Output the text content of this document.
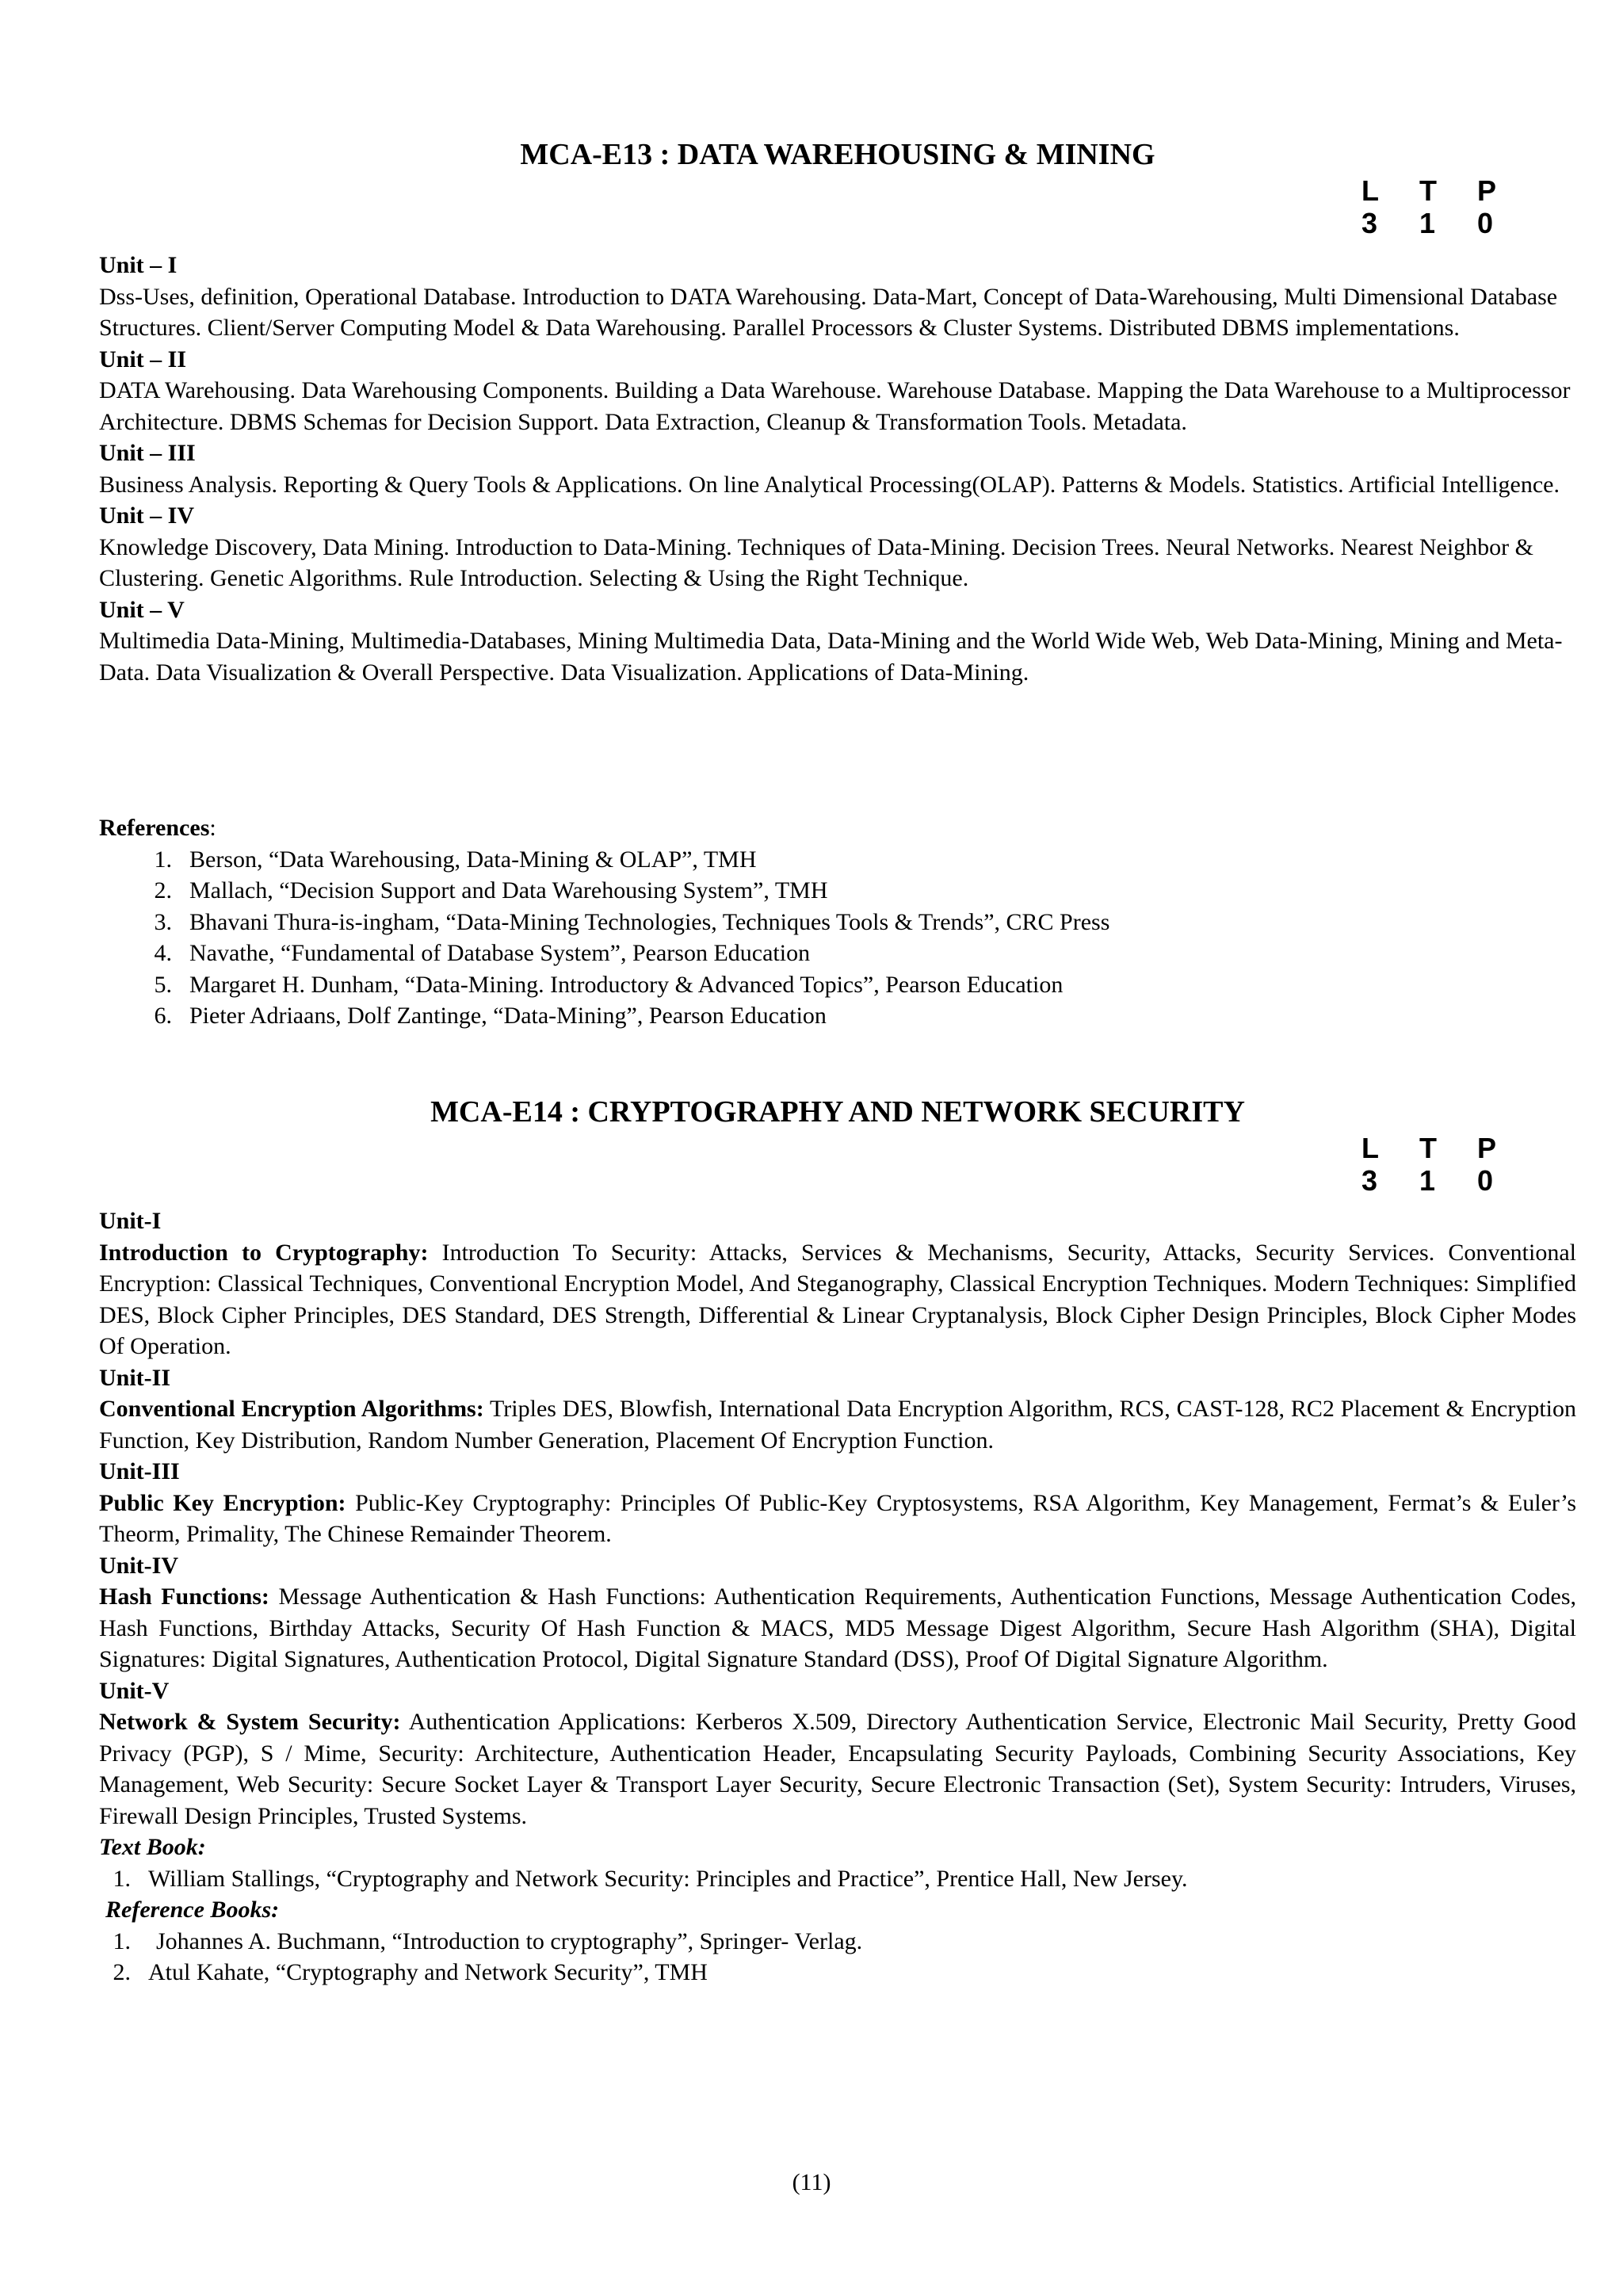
MCA-E13 : DATA WAREHOUSING & MINING
L	T	P
3	1	0
Unit – I

Dss-Uses, definition, Operational Database. Introduction to DATA Warehousing. Data-Mart, Concept of Data-Warehousing, Multi Dimensional Database Structures. Client/Server Computing Model & Data Warehousing. Parallel Processors & Cluster Systems. Distributed DBMS implementations.

Unit – II

DATA Warehousing. Data Warehousing Components. Building a Data Warehouse. Warehouse Database. Mapping the Data Warehouse to a Multiprocessor Architecture. DBMS Schemas for Decision Support. Data Extraction, Cleanup & Transformation Tools. Metadata.

Unit – III

Business Analysis. Reporting & Query Tools & Applications. On line Analytical Processing(OLAP). Patterns & Models. Statistics. Artificial Intelligence.

Unit – IV

Knowledge Discovery, Data Mining. Introduction to Data-Mining. Techniques of Data-Mining. Decision Trees. Neural Networks. Nearest Neighbor & Clustering. Genetic Algorithms. Rule Introduction. Selecting & Using the Right Technique.

Unit – V

Multimedia Data-Mining, Multimedia-Databases, Mining Multimedia Data, Data-Mining and the World Wide Web, Web Data-Mining, Mining and Meta-Data. Data Visualization & Overall Perspective. Data Visualization. Applications of Data-Mining.

References:
1. Berson, “Data Warehousing, Data-Mining & OLAP”, TMH
2. Mallach, “Decision Support and Data Warehousing System”, TMH
3. Bhavani Thura-is-ingham, “Data-Mining Technologies, Techniques Tools & Trends”, CRC Press
4. Navathe, “Fundamental of Database System”, Pearson Education
5. Margaret H. Dunham, “Data-Mining. Introductory & Advanced Topics”, Pearson Education
6. Pieter Adriaans, Dolf Zantinge, “Data-Mining”, Pearson Education
MCA-E14 : CRYPTOGRAPHY AND NETWORK SECURITY
L	T	P
3	1	0
Unit-I

Introduction to Cryptography: Introduction To Security: Attacks, Services & Mechanisms, Security, Attacks, Security Services. Conventional Encryption: Classical Techniques, Conventional Encryption Model, And Steganography, Classical Encryption Techniques. Modern Techniques: Simplified DES, Block Cipher Principles, DES Standard, DES Strength, Differential & Linear Cryptanalysis, Block Cipher Design Principles, Block Cipher Modes Of Operation.

Unit-II

Conventional Encryption Algorithms: Triples DES, Blowfish, International Data Encryption Algorithm, RCS, CAST-128, RC2 Placement & Encryption Function, Key Distribution, Random Number Generation, Placement Of Encryption Function.

Unit-III

Public Key Encryption: Public-Key Cryptography: Principles Of Public-Key Cryptosystems, RSA Algorithm, Key Management, Fermat’s & Euler’s Theorm, Primality, The Chinese Remainder Theorem.

Unit-IV

Hash Functions: Message Authentication & Hash Functions: Authentication Requirements, Authentication Functions, Message Authentication Codes, Hash Functions, Birthday Attacks, Security Of Hash Function & MACS, MD5 Message Digest Algorithm, Secure Hash Algorithm (SHA), Digital Signatures: Digital Signatures, Authentication Protocol, Digital Signature Standard (DSS), Proof Of Digital Signature Algorithm.

Unit-V

Network & System Security: Authentication Applications: Kerberos X.509, Directory Authentication Service, Electronic Mail Security, Pretty Good Privacy (PGP), S / Mime, Security: Architecture, Authentication Header, Encapsulating Security Payloads, Combining Security Associations, Key Management, Web Security: Secure Socket Layer & Transport Layer Security, Secure Electronic Transaction (Set), System Security: Intruders, Viruses, Firewall Design Principles, Trusted Systems.

Text Book:
1. William Stallings, “Cryptography and Network Security: Principles and Practice”, Prentice Hall, New Jersey.
Reference Books:
1. Johannes A. Buchmann, “Introduction to cryptography”, Springer- Verlag.
2. Atul Kahate, “Cryptography and Network Security”, TMH
(11)
